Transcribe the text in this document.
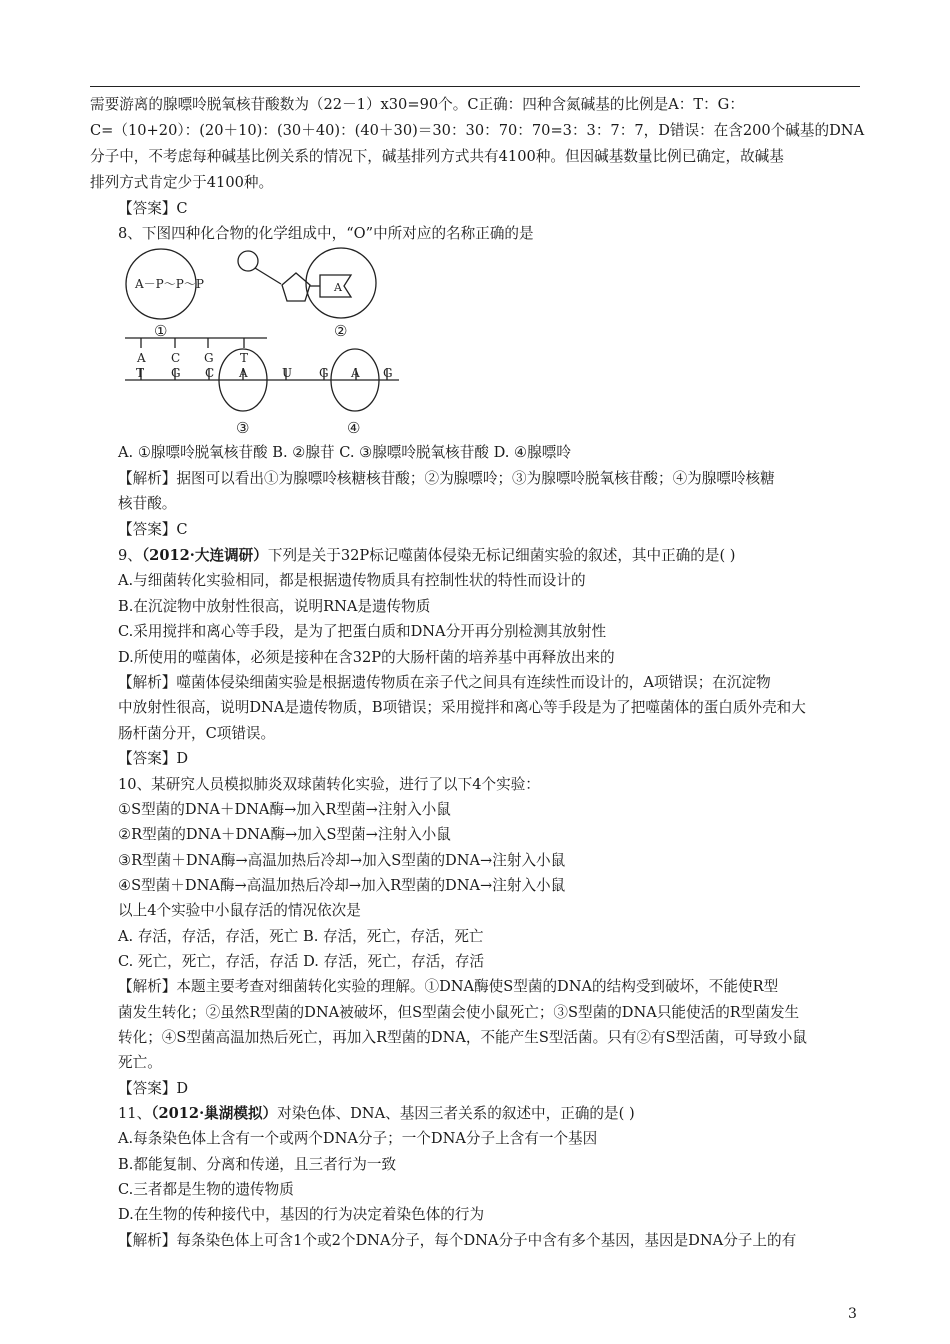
需要游离的腺嘌呤脱氧核苷酸数为（22－1）x30=90个。C正确：四种含氮碱基的比例是A：T：G：
C=（10+20）：(20＋10)：(30＋40)：(40＋30)＝30：30：70：70=3：3：7：7，D错误：在含200个碱基的DNA
分子中，不考虑每种碱基比例关系的情况下，碱基排列方式共有4100种。但因碱基数量比例已确定，故碱基
排列方式肯定少于4100种。
【答案】C
8、下图四种化合物的化学组成中，“O”中所对应的名称正确的是
A－P～P～P	A
①	②
A C G T
T G C A	U G A G
③	④
A. ①腺嘌呤脱氧核苷酸 B. ②腺苷 C. ③腺嘌呤脱氧核苷酸 D. ④腺嘌呤
【解析】据图可以看出①为腺嘌呤核糖核苷酸；②为腺嘌呤；③为腺嘌呤脱氧核苷酸；④为腺嘌呤核糖
核苷酸。
【答案】C
9、（2012·大连调研）下列是关于32P标记噬菌体侵染无标记细菌实验的叙述，其中正确的是( )
A.与细菌转化实验相同，都是根据遗传物质具有控制性状的特性而设计的
B.在沉淀物中放射性很高，说明RNA是遗传物质
C.采用搅拌和离心等手段，是为了把蛋白质和DNA分开再分别检测其放射性
D.所使用的噬菌体，必须是接种在含32P的大肠杆菌的培养基中再释放出来的
【解析】噬菌体侵染细菌实验是根据遗传物质在亲子代之间具有连续性而设计的，A项错误；在沉淀物
中放射性很高，说明DNA是遗传物质，B项错误；采用搅拌和离心等手段是为了把噬菌体的蛋白质外壳和大
肠杆菌分开，C项错误。
【答案】D
10、某研究人员模拟肺炎双球菌转化实验，进行了以下4个实验：
①S型菌的DNA＋DNA酶→加入R型菌→注射入小鼠
②R型菌的DNA＋DNA酶→加入S型菌→注射入小鼠
③R型菌＋DNA酶→高温加热后冷却→加入S型菌的DNA→注射入小鼠
④S型菌＋DNA酶→高温加热后冷却→加入R型菌的DNA→注射入小鼠
以上4个实验中小鼠存活的情况依次是
A. 存活，存活，存活，死亡 B. 存活，死亡，存活，死亡
C. 死亡，死亡，存活，存活 D. 存活，死亡，存活，存活
【解析】本题主要考查对细菌转化实验的理解。①DNA酶使S型菌的DNA的结构受到破坏，不能使R型
菌发生转化；②虽然R型菌的DNA被破坏，但S型菌会使小鼠死亡；③S型菌的DNA只能使活的R型菌发生
转化；④S型菌高温加热后死亡，再加入R型菌的DNA，不能产生S型活菌。只有②有S型活菌，可导致小鼠
死亡。
【答案】D
11、（2012·巢湖模拟）对染色体、DNA、基因三者关系的叙述中，正确的是( )
A.每条染色体上含有一个或两个DNA分子；一个DNA分子上含有一个基因
B.都能复制、分离和传递，且三者行为一致
C.三者都是生物的遗传物质
D.在生物的传种接代中，基因的行为决定着染色体的行为
【解析】每条染色体上可含1个或2个DNA分子，每个DNA分子中含有多个基因，基因是DNA分子上的有
3
